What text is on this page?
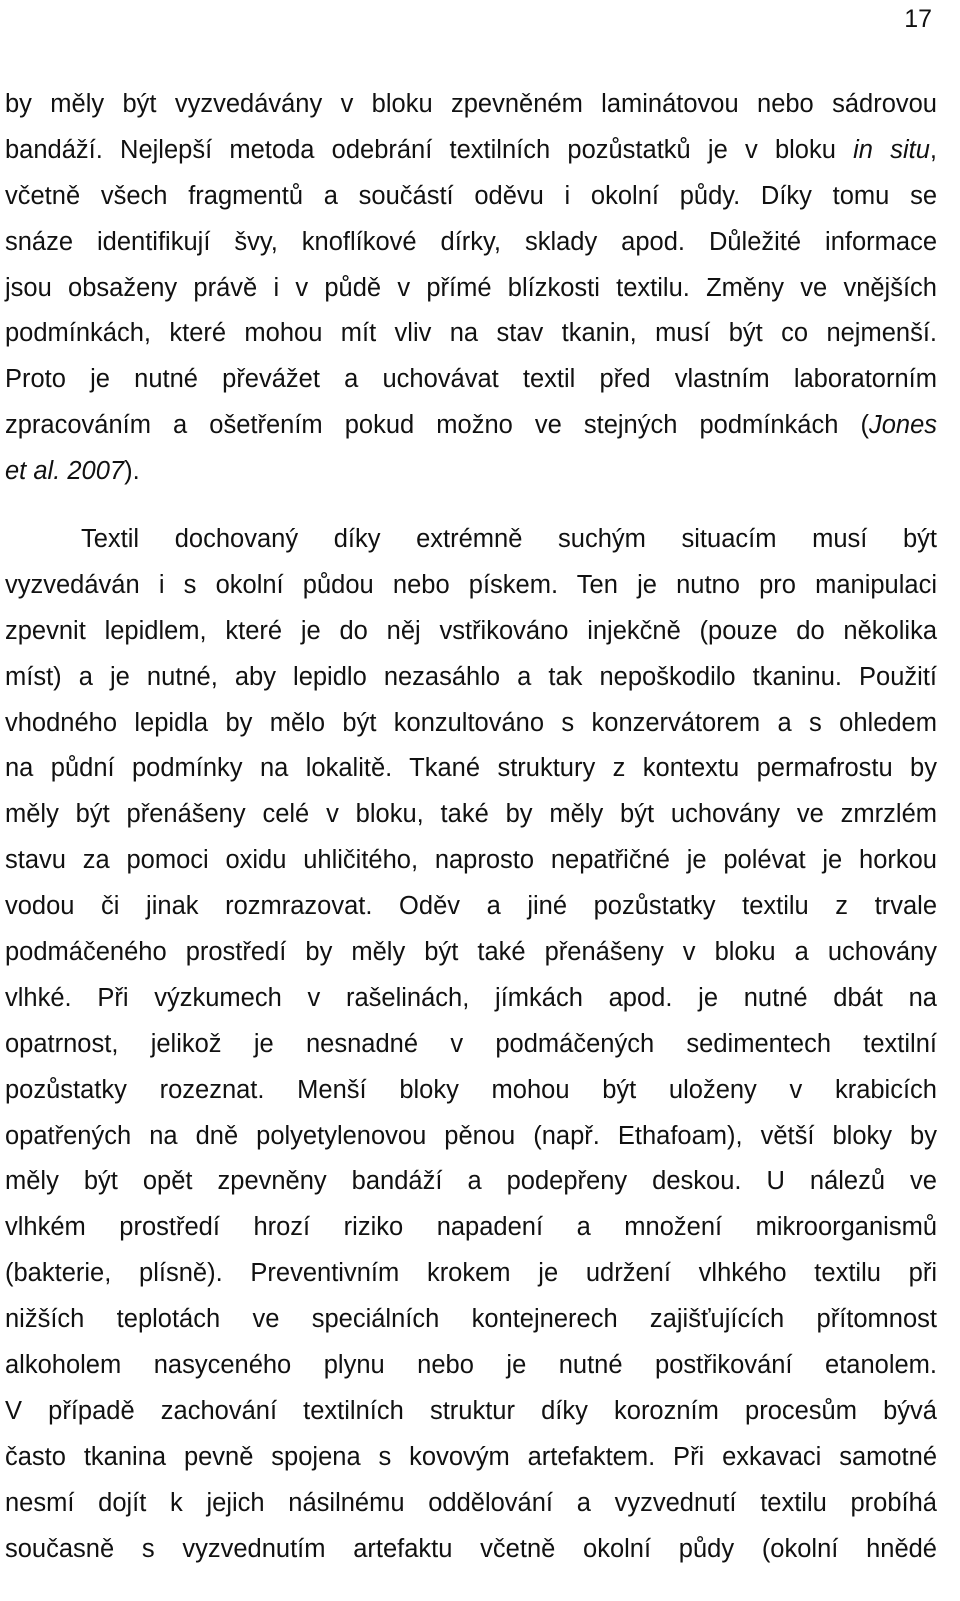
17
by měly být vyzvedávány v bloku zpevněném laminátovou nebo sádrovou
bandáží. Nejlepší metoda odebrání textilních pozůstatků je v bloku in situ,
včetně všech fragmentů a součástí oděvu i okolní půdy. Díky tomu se
snáze identifikují švy, knoflíkové dírky, sklady apod. Důležité informace
jsou obsaženy právě i v půdě v přímé blízkosti textilu. Změny ve vnějších
podmínkách, které mohou mít vliv na stav tkanin, musí být co nejmenší.
Proto je nutné převážet a uchovávat textil před vlastním laboratorním
zpracováním a ošetřením pokud možno ve stejných podmínkách (Jones
et al. 2007).
Textil dochovaný díky extrémně suchým situacím musí být
vyzvedáván i s okolní půdou nebo pískem. Ten je nutno pro manipulaci
zpevnit lepidlem, které je do něj vstřikováno injekčně (pouze do několika
míst) a je nutné, aby lepidlo nezasáhlo a tak nepoškodilo tkaninu. Použití
vhodného lepidla by mělo být konzultováno s konzervátorem a s ohledem
na půdní podmínky na lokalitě. Tkané struktury z kontextu permafrostu by
měly být přenášeny celé v bloku, také by měly být uchovány ve zmrzlém
stavu za pomoci oxidu uhličitého, naprosto nepatřičné je polévat je horkou
vodou či jinak rozmrazovat. Oděv a jiné pozůstatky textilu z trvale
podmáčeného prostředí by měly být také přenášeny v bloku a uchovány
vlhké. Při výzkumech v rašelinách, jímkách apod. je nutné dbát na
opatrnost, jelikož je nesnadné v podmáčených sedimentech textilní
pozůstatky rozeznat. Menší bloky mohou být uloženy v krabicích
opatřených na dně polyetylenovou pěnou (např. Ethafoam), větší bloky by
měly být opět zpevněny bandáží a podepřeny deskou. U nálezů ve
vlhkém prostředí hrozí riziko napadení a množení mikroorganismů
(bakterie, plísně). Preventivním krokem je udržení vlhkého textilu při
nižších teplotách ve speciálních kontejnerech zajišťujících přítomnost
alkoholem nasyceného plynu nebo je nutné postřikování etanolem.
V případě zachování textilních struktur díky korozním procesům bývá
často tkanina pevně spojena s kovovým artefaktem. Při exkavaci samotné
nesmí dojít k jejich násilnému oddělování a vyzvednutí textilu probíhá
současně s vyzvednutím artefaktu včetně okolní půdy (okolní hnědé
